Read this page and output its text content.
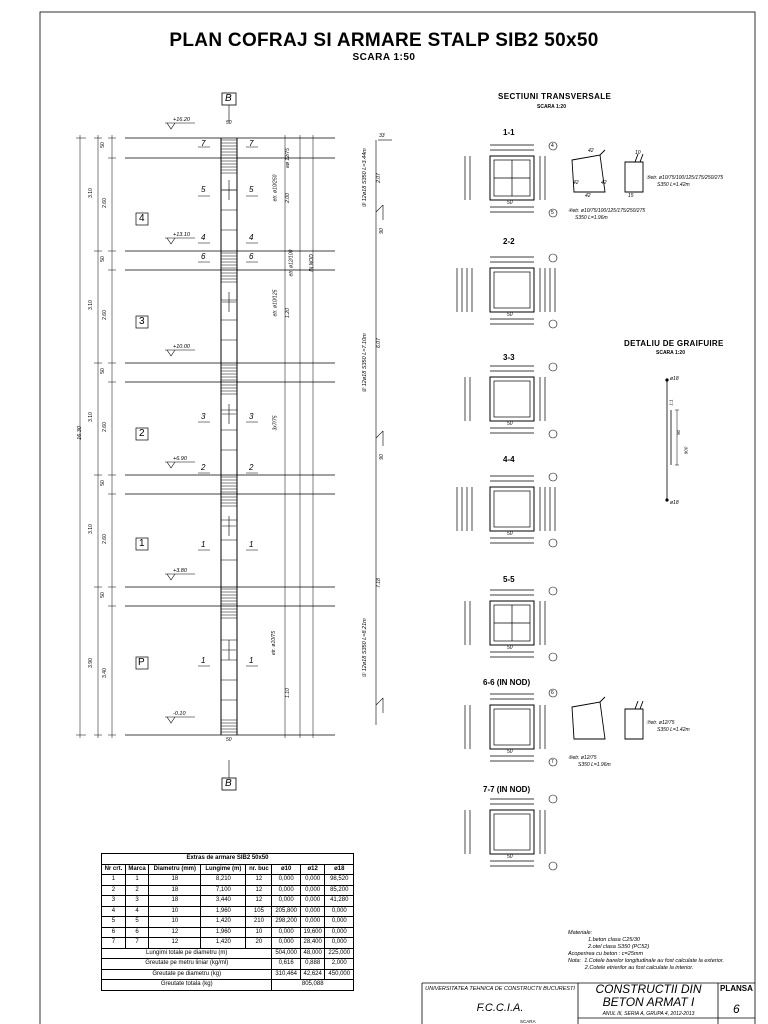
PLAN COFRAJ SI ARMARE STALP SIB2 50x50
SCARA 1:50
B
B
+16.20
+13.10
+10.00
+6.90
+3.80
-0.10
4
3
2
1
P
16.30
50
50
50
3.10
2.60
50
3.10
2.60
50
3.10
2.60
50
3.10
2.60
50
3.90
3.40
7
5
4
6
3
2
1
1
7
5
4
6
3
2
1
1
eø 12/75
etr. ø10/250
etr. ø10/125
etr. ø12/100	IN NOD
etr. ø10/75
3x7/75
2.00
1.20
1.10
① 12ø18 S350 L=8.21m
② 12ø18 S350 L=7.10m
③ 12ø18 S350 L=3.44m
7.18
6.07
2.07
90
90
33
SECTIUNI TRANSVERSALE
SCARA 1:20
1-1
2-2
3-3
4-4
5-5
6-6 (IN NOD)
7-7 (IN NOD)
50
50
50
50
50
50
50
4
5
6
7
42	42
42
42
15
10
⑤etr. ø10/75/100/125/175/250/275
S350 L=1.42m
④etr. ø10/75/100/125/175/250/275
S350 L=1.96m
⑦etr. ø12/75
S350 L=1.42m
⑥etr. ø12/75
S350 L=1.96m
DETALIU DE GRAIFUIRE
SCARA 1:20
ø18
ø18
1:1
90
900
Extras de armare SIB2 50x50							
Nr crt.	Marca	Diametru (mm)	Lungime (m)	nr. buc	ø10	ø12	ø18
1	1	18	8,210	12	0,000	0,000	98,520
2	2	18	7,100	12	0,000	0,000	85,200
3	3	18	3,440	12	0,000	0,000	41,280
4	4	10	1,960	105	205,800	0,000	0,000
5	5	10	1,420	210	298,200	0,000	0,000
6	6	12	1,960	10	0,000	19,600	0,000
7	7	12	1,420	20	0,000	28,400	0,000
Lungimi totale pe diametru (m)					504,000	48,000	225,000
Greutate pe metru liniar (kg/ml)					0,616	0,888	2,000
Greutate pe diametru (kg)					310,464	42,624	450,000
Greutate totala (kg)					805,088		
Materiale:
1.beton clasa C25/30
2.otel clasa S350 (PC52)
Acoperirea cu beton : c=25mm
Nota:  1.Cotele barelor longitudinale au fost calculate la exterior.
2.Cotele etrierilor au fost calculate la interior.
UNIVERSITATEA TEHNICA DE CONSTRUCTII BUCURESTI
F.C.C.I.A.
CONSTRUCTII DIN
BETON ARMAT I
ANUL III, SERIA A, GRUPA 4, 2012-2013
PLANSA
6
SCARA
